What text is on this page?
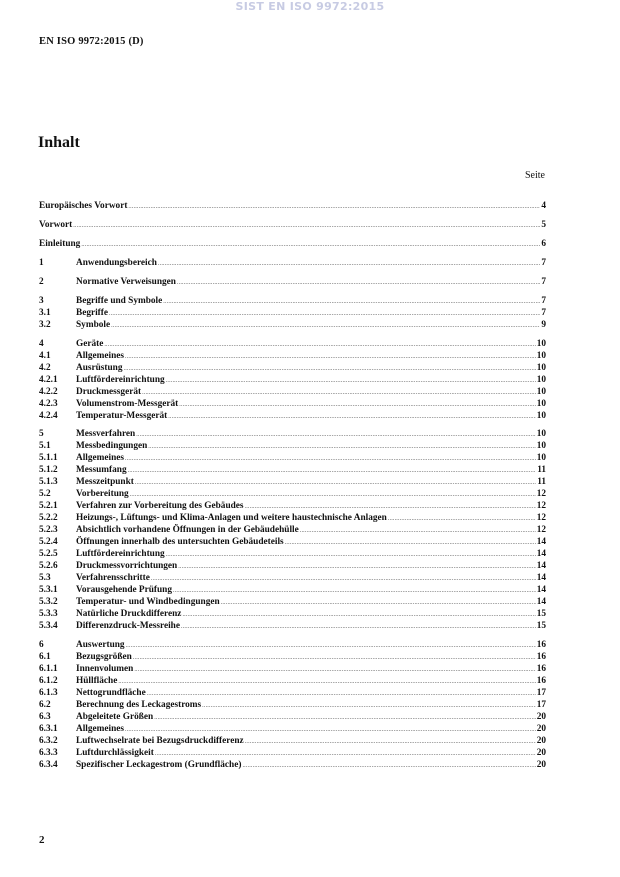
SIST EN ISO 9972:2015
EN ISO 9972:2015 (D)
Inhalt
Seite
Europäisches Vorwort .....	4
Vorwort .....	5
Einleitung .....	6
1	Anwendungsbereich .....	7
2	Normative Verweisungen .....	7
3	Begriffe und Symbole .....	7
3.1	Begriffe .....	7
3.2	Symbole .....	9
4	Geräte .....	10
4.1	Allgemeines .....	10
4.2	Ausrüstung .....	10
4.2.1	Luftfördereinrichtung .....	10
4.2.2	Druckmessgerät .....	10
4.2.3	Volumenstrom-Messgerät .....	10
4.2.4	Temperatur-Messgerät .....	10
5	Messverfahren .....	10
5.1	Messbedingungen .....	10
5.1.1	Allgemeines .....	10
5.1.2	Messumfang .....	11
5.1.3	Messzeitpunkt .....	11
5.2	Vorbereitung .....	12
5.2.1	Verfahren zur Vorbereitung des Gebäudes .....	12
5.2.2	Heizungs-, Lüftungs- und Klima-Anlagen und weitere haustechnische Anlagen .....	12
5.2.3	Absichtlich vorhandene Öffnungen in der Gebäudehülle .....	12
5.2.4	Öffnungen innerhalb des untersuchten Gebäudeteils .....	14
5.2.5	Luftfördereinrichtung .....	14
5.2.6	Druckmessvorrichtungen .....	14
5.3	Verfahrensschritte .....	14
5.3.1	Vorausgehende Prüfung .....	14
5.3.2	Temperatur- und Windbedingungen .....	14
5.3.3	Natürliche Druckdifferenz .....	15
5.3.4	Differenzdruck-Messreihe .....	15
6	Auswertung .....	16
6.1	Bezugsgrößen .....	16
6.1.1	Innenvolumen .....	16
6.1.2	Hüllfläche .....	16
6.1.3	Nettogrundfläche .....	17
6.2	Berechnung des Leckagestroms .....	17
6.3	Abgeleitete Größen .....	20
6.3.1	Allgemeines .....	20
6.3.2	Luftwechselrate bei Bezugsdruckdifferenz .....	20
6.3.3	Luftdurchlässigkeit .....	20
6.3.4	Spezifischer Leckagestrom (Grundfläche) .....	20
2
